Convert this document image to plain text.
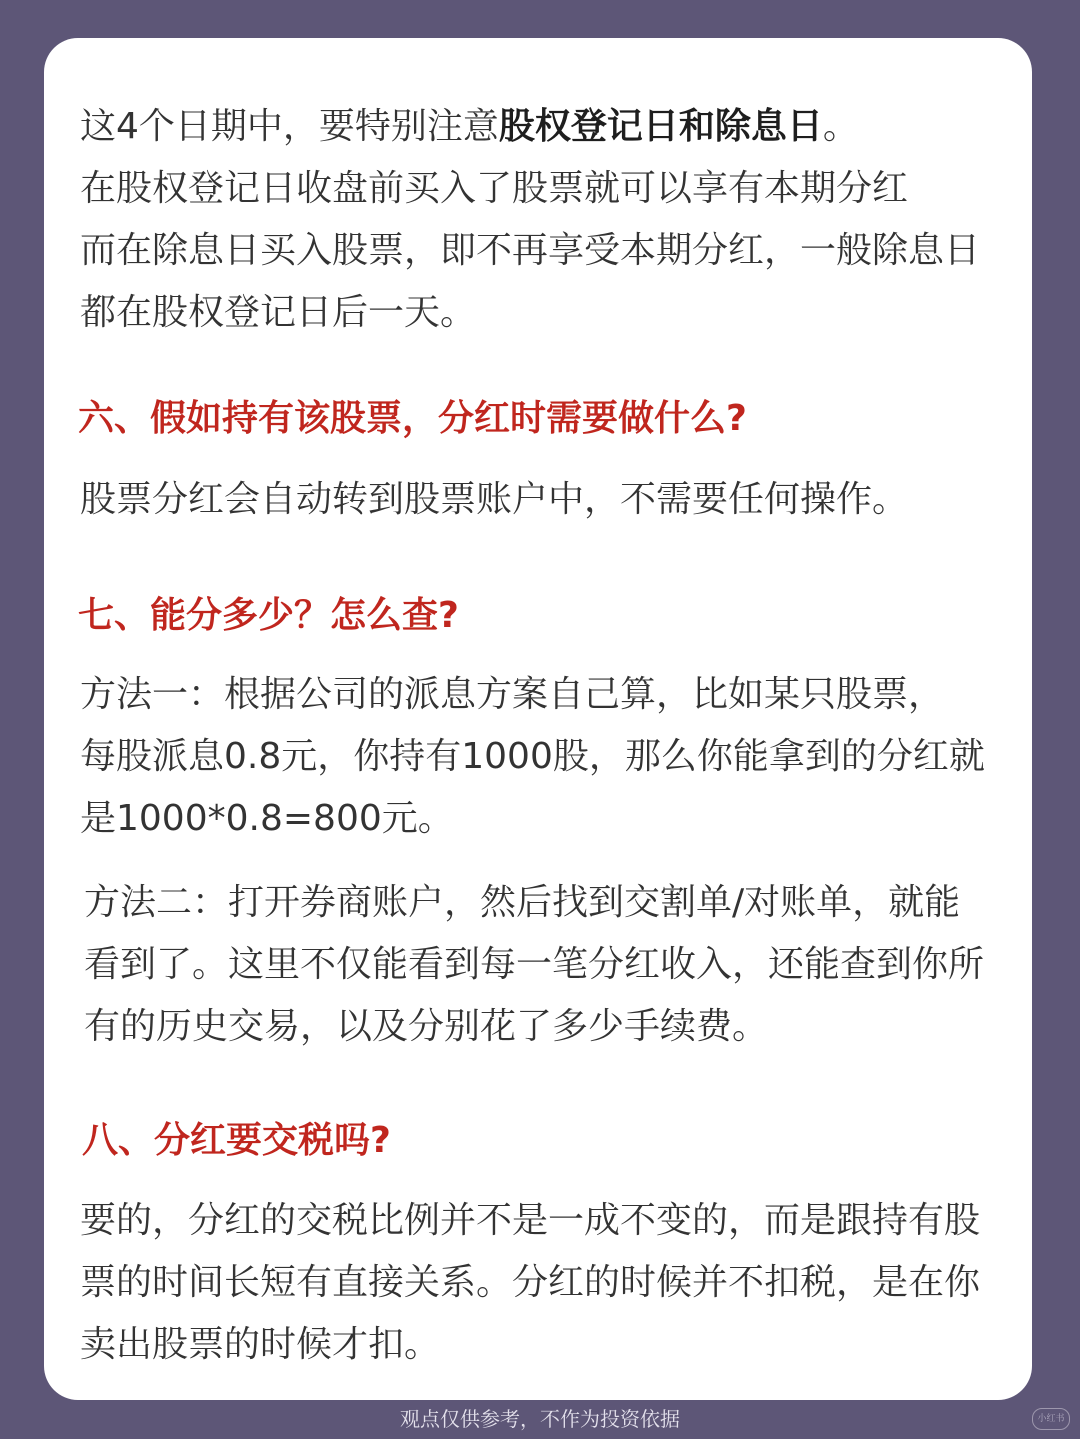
这4个日期中，要特别注意股权登记日和除息日。
在股权登记日收盘前买入了股票就可以享有本期分红
而在除息日买入股票，即不再享受本期分红，一般除息日
都在股权登记日后一天。

六、假如持有该股票，分红时需要做什么?

股票分红会自动转到股票账户中，不需要任何操作。

七、能分多少？怎么查?

方法一：根据公司的派息方案自己算，比如某只股票，
每股派息0.8元，你持有1000股，那么你能拿到的分红就
是1000*0.8=800元。

方法二：打开券商账户，然后找到交割单/对账单，就能
看到了。这里不仅能看到每一笔分红收入，还能查到你所
有的历史交易，以及分别花了多少手续费。

八、分红要交税吗?

要的，分红的交税比例并不是一成不变的，而是跟持有股
票的时间长短有直接关系。分红的时候并不扣税，是在你
卖出股票的时候才扣。

观点仅供参考，不作为投资依据	小红书
